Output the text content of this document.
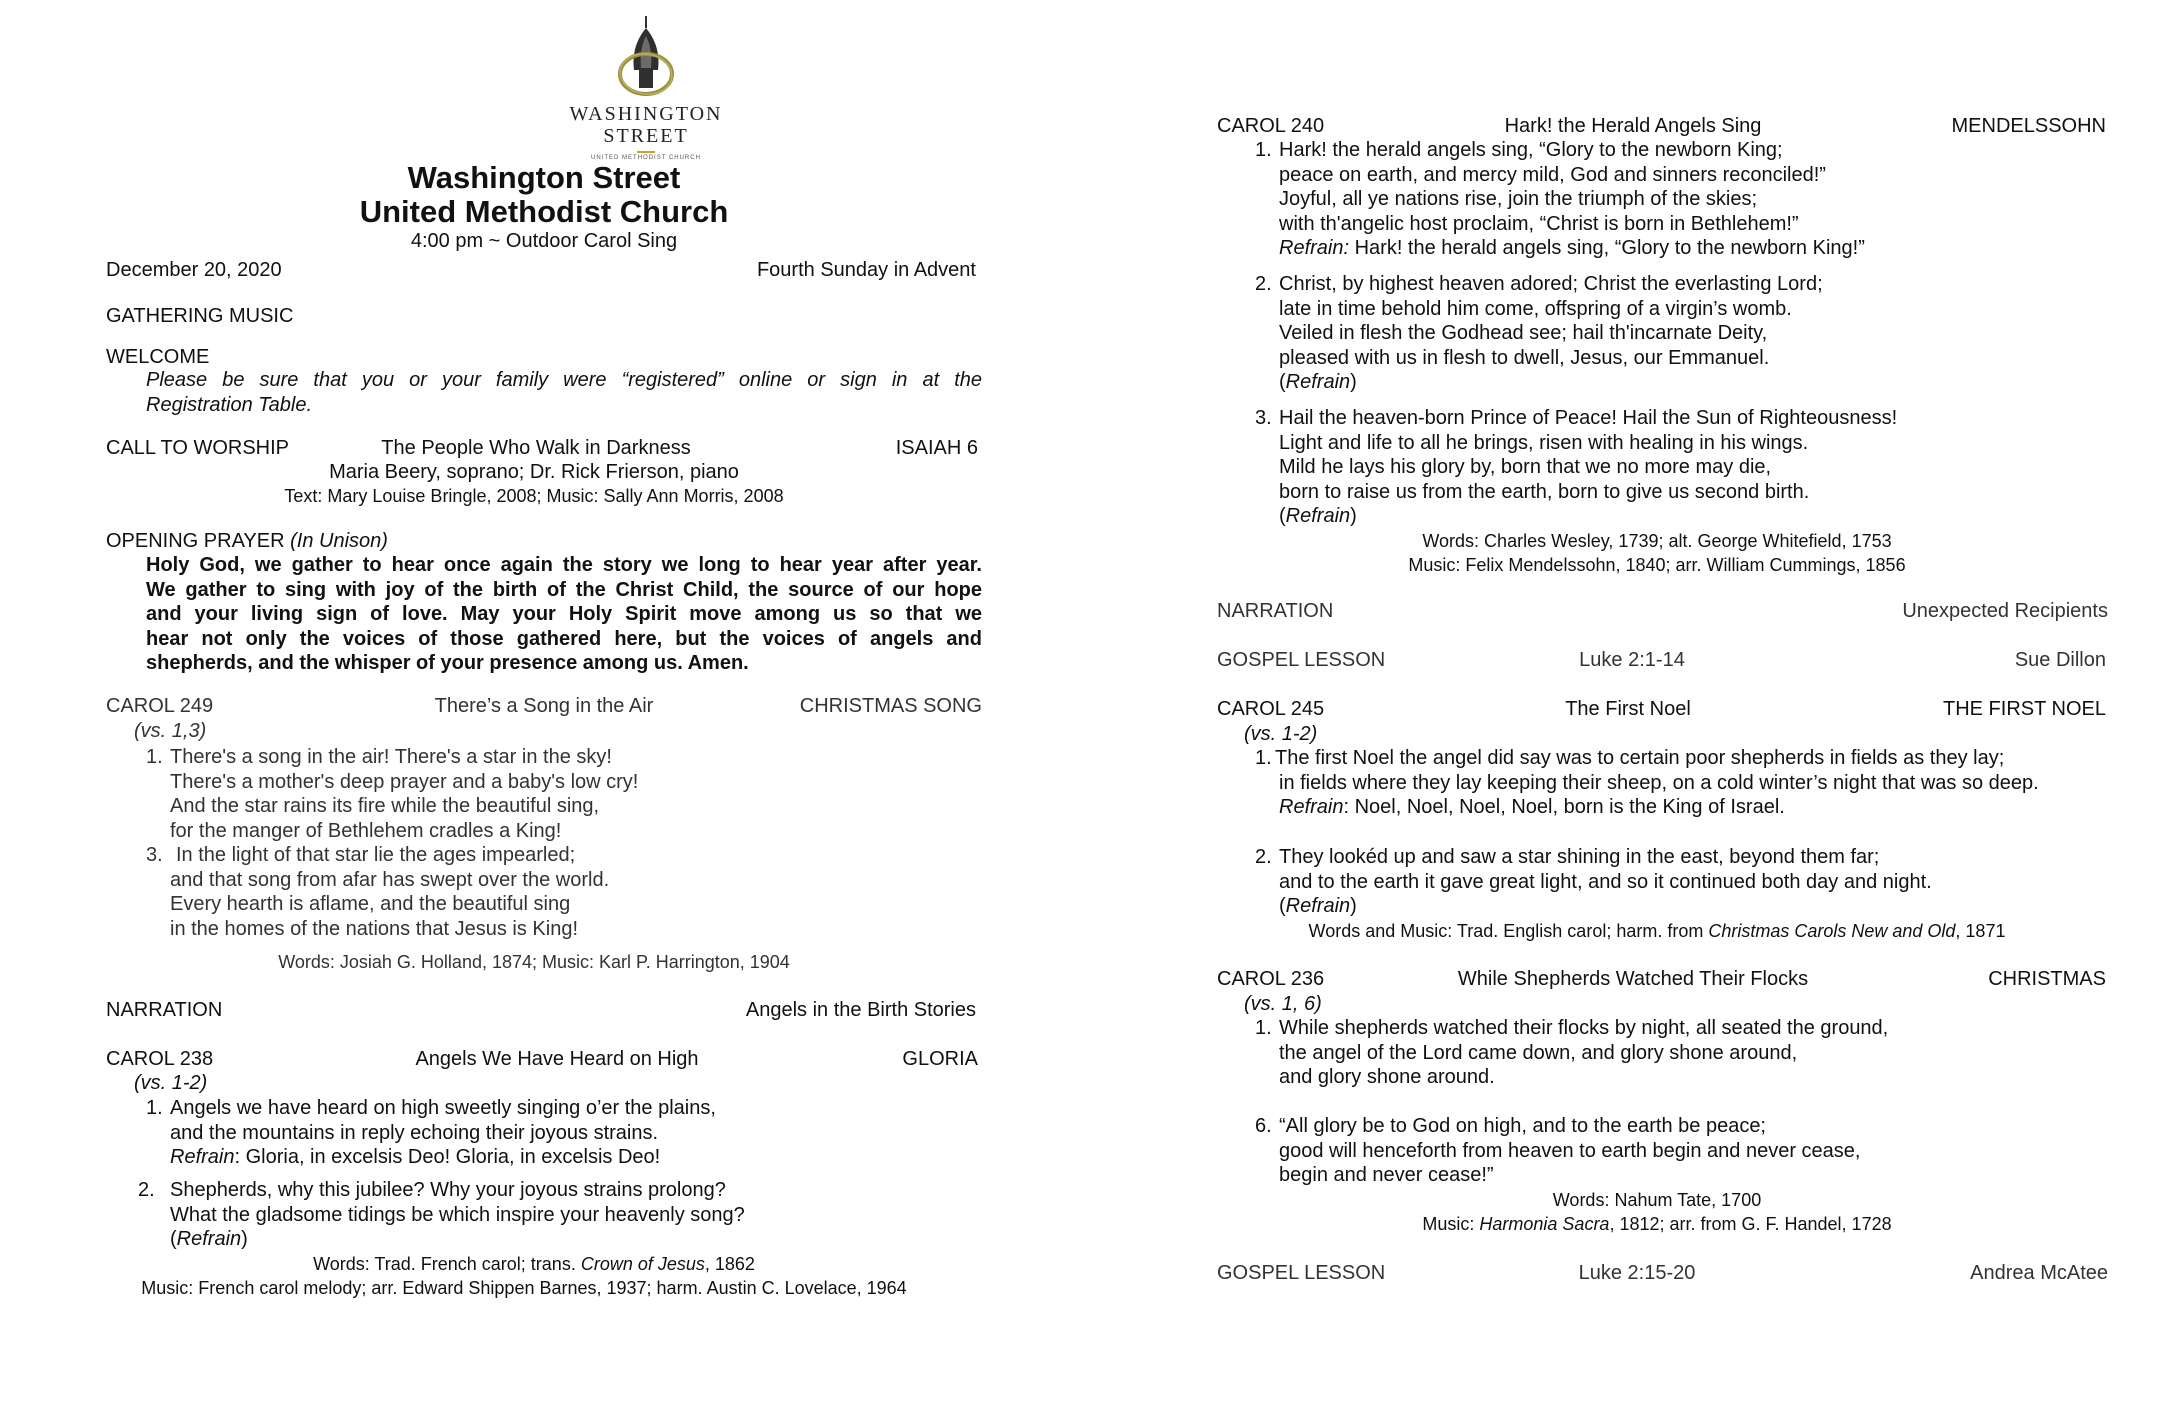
WASHINGTON
STREET
UNITED METHODIST CHURCH
Washington Street
United Methodist Church
4:00 pm ~ Outdoor Carol Sing
December 20, 2020	Fourth Sunday in Advent
GATHERING MUSIC
WELCOME
Please be sure that you or your family were “registered” online or sign in at the
Registration Table.
CALL TO WORSHIP	The People Who Walk in Darkness	ISAIAH 6
Maria Beery, soprano; Dr. Rick Frierson, piano
Text: Mary Louise Bringle, 2008; Music: Sally Ann Morris, 2008
OPENING PRAYER (In Unison)
Holy God, we gather to hear once again the story we long to hear year after year.
We gather to sing with joy of the birth of the Christ Child, the source of our hope
and your living sign of love. May your Holy Spirit move among us so that we
hear not only the voices of those gathered here, but the voices of angels and
shepherds, and the whisper of your presence among us. Amen.
CAROL 249	There’s a Song in the Air	CHRISTMAS SONG
(vs. 1,3)
1. There's a song in the air! There's a star in the sky!
There's a mother's deep prayer and a baby's low cry!
And the star rains its fire while the beautiful sing,
for the manger of Bethlehem cradles a King!
3. In the light of that star lie the ages impearled;
and that song from afar has swept over the world.
Every hearth is aflame, and the beautiful sing
in the homes of the nations that Jesus is King!
Words: Josiah G. Holland, 1874; Music: Karl P. Harrington, 1904
NARRATION	Angels in the Birth Stories
CAROL 238	Angels We Have Heard on High	GLORIA
(vs. 1-2)
1. Angels we have heard on high sweetly singing o’er the plains,
and the mountains in reply echoing their joyous strains.
Refrain: Gloria, in excelsis Deo! Gloria, in excelsis Deo!
2. Shepherds, why this jubilee? Why your joyous strains prolong?
What the gladsome tidings be which inspire your heavenly song?
(Refrain)
Words: Trad. French carol; trans. Crown of Jesus, 1862
Music: French carol melody; arr. Edward Shippen Barnes, 1937; harm. Austin C. Lovelace, 1964
CAROL 240	Hark! the Herald Angels Sing	MENDELSSOHN
1. Hark! the herald angels sing, “Glory to the newborn King;
peace on earth, and mercy mild, God and sinners reconciled!”
Joyful, all ye nations rise, join the triumph of the skies;
with th'angelic host proclaim, “Christ is born in Bethlehem!”
Refrain: Hark! the herald angels sing, “Glory to the newborn King!”
2. Christ, by highest heaven adored; Christ the everlasting Lord;
late in time behold him come, offspring of a virgin’s womb.
Veiled in flesh the Godhead see; hail th'incarnate Deity,
pleased with us in flesh to dwell, Jesus, our Emmanuel.
(Refrain)
3. Hail the heaven-born Prince of Peace! Hail the Sun of Righteousness!
Light and life to all he brings, risen with healing in his wings.
Mild he lays his glory by, born that we no more may die,
born to raise us from the earth, born to give us second birth.
(Refrain)
Words: Charles Wesley, 1739; alt. George Whitefield, 1753
Music: Felix Mendelssohn, 1840; arr. William Cummings, 1856
NARRATION	Unexpected Recipients
GOSPEL LESSON	Luke 2:1-14	Sue Dillon
CAROL 245	The First Noel	THE FIRST NOEL
(vs. 1-2)
1. The first Noel the angel did say was to certain poor shepherds in fields as they lay;
in fields where they lay keeping their sheep, on a cold winter’s night that was so deep.
Refrain: Noel, Noel, Noel, Noel, born is the King of Israel.
2. They lookéd up and saw a star shining in the east, beyond them far;
and to the earth it gave great light, and so it continued both day and night.
(Refrain)
Words and Music: Trad. English carol; harm. from Christmas Carols New and Old, 1871
CAROL 236	While Shepherds Watched Their Flocks	CHRISTMAS
(vs. 1, 6)
1. While shepherds watched their flocks by night, all seated the ground,
the angel of the Lord came down, and glory shone around,
and glory shone around.
6. “All glory be to God on high, and to the earth be peace;
good will henceforth from heaven to earth begin and never cease,
begin and never cease!”
Words: Nahum Tate, 1700
Music: Harmonia Sacra, 1812; arr. from G. F. Handel, 1728
GOSPEL LESSON	Luke 2:15-20	Andrea McAtee
